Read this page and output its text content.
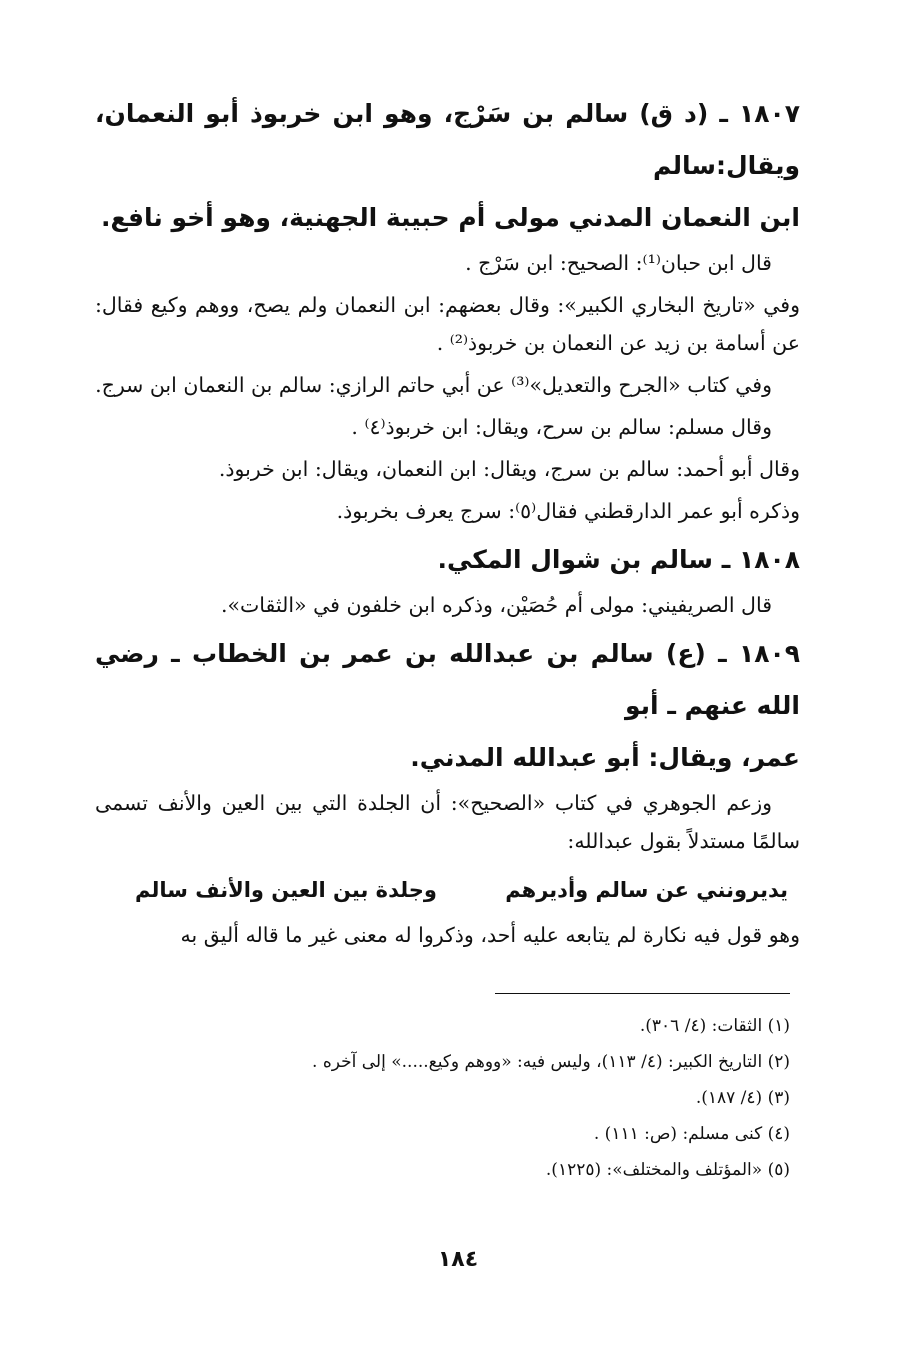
١٨٠٧ ـ (د ق) سالم بن سَرْج، وهو ابن خربوذ أبو النعمان، ويقال:سالم

ابن النعمان المدني مولى أم حبيبة الجهنية، وهو أخو نافع.

قال ابن حبان⁽¹⁾: الصحيح: ابن سَرْج .

وفي «تاريخ البخاري الكبير»: وقال بعضهم: ابن النعمان ولم يصح، ووهم وكيع فقال: عن أسامة بن زيد عن النعمان بن خربوذ⁽²⁾ .

وفي كتاب «الجرح والتعديل»⁽³⁾ عن أبي حاتم الرازي: سالم بن النعمان ابن سرج.

وقال مسلم: سالم بن سرح، ويقال: ابن خربوذ⁽٤⁾ .

وقال أبو أحمد: سالم بن سرج، ويقال: ابن النعمان، ويقال: ابن خربوذ.

وذكره أبو عمر الدارقطني فقال⁽٥⁾: سرج يعرف بخربوذ.

١٨٠٨ ـ سالم بن شوال المكي.

قال الصريفيني: مولى أم حُصَيْن، وذكره ابن خلفون في «الثقات».

١٨٠٩ ـ (ع) سالم بن عبدالله بن عمر بن الخطاب ـ رضي الله عنهم ـ أبو

عمر، ويقال: أبو عبدالله المدني.

وزعم الجوهري في كتاب «الصحيح»: أن الجلدة التي بين العين والأنف تسمى سالمًا مستدلاً بقول عبدالله:

يديرونني عن سالم وأديرهم
وجلدة بين العين والأنف سالم

وهو قول فيه نكارة لم يتابعه عليه أحد، وذكروا له معنى غير ما قاله أليق به

(١) الثقات: (٤/ ٣٠٦).
(٢) التاريخ الكبير: (٤/ ١١٣)، وليس فيه: «ووهم وكيع.....» إلى آخره .
(٣) (٤/ ١٨٧).
(٤) كنى مسلم: (ص: ١١١) .
(٥) «المؤتلف والمختلف»: (١٢٢٥).
١٨٤
